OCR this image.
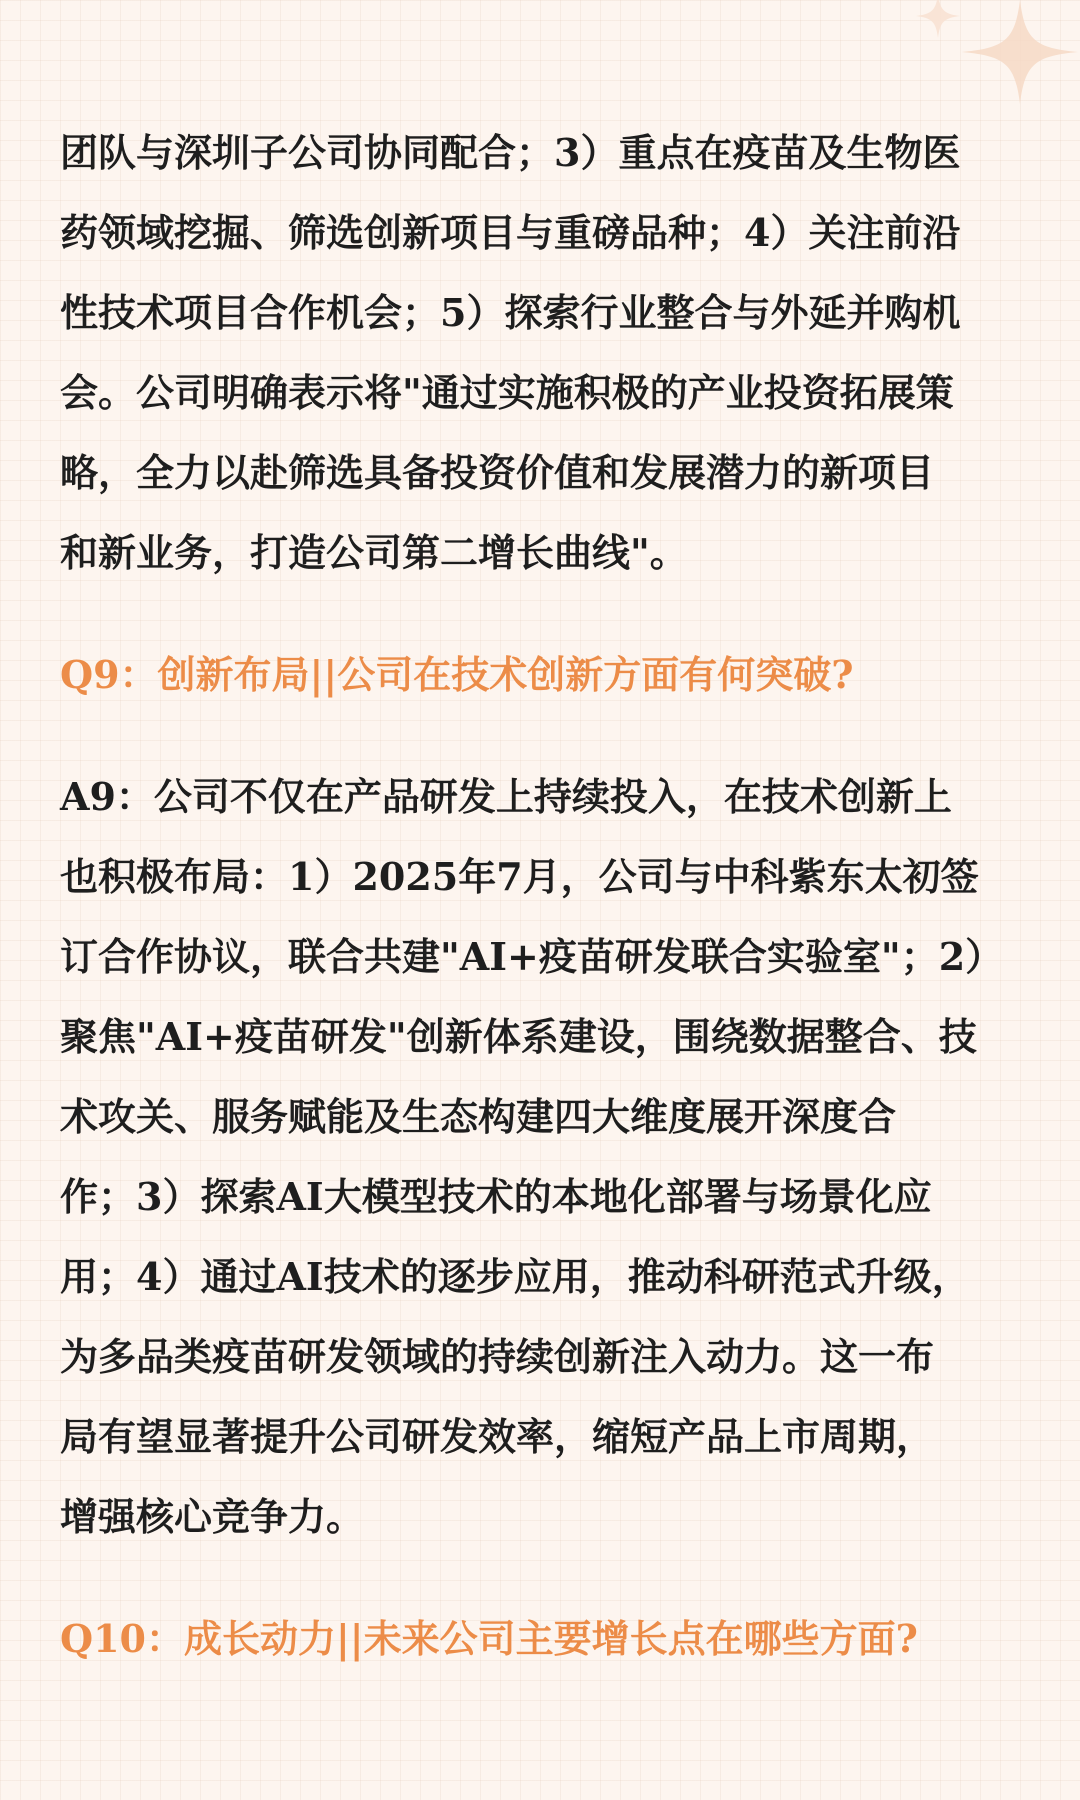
团队与深圳子公司协同配合；3）重点在疫苗及生物医
药领域挖掘、筛选创新项目与重磅品种；4）关注前沿
性技术项目合作机会；5）探索行业整合与外延并购机
会。公司明确表示将"通过实施积极的产业投资拓展策
略，全力以赴筛选具备投资价值和发展潜力的新项目
和新业务，打造公司第二增长曲线"。

Q9：创新布局||公司在技术创新方面有何突破?

A9：公司不仅在产品研发上持续投入，在技术创新上
也积极布局：1）2025年7月，公司与中科紫东太初签
订合作协议，联合共建"AI+疫苗研发联合实验室"；2）
聚焦"AI+疫苗研发"创新体系建设，围绕数据整合、技
术攻关、服务赋能及生态构建四大维度展开深度合
作；3）探索AI大模型技术的本地化部署与场景化应
用；4）通过AI技术的逐步应用，推动科研范式升级，
为多品类疫苗研发领域的持续创新注入动力。这一布
局有望显著提升公司研发效率，缩短产品上市周期，
增强核心竞争力。

Q10：成长动力||未来公司主要增长点在哪些方面?
